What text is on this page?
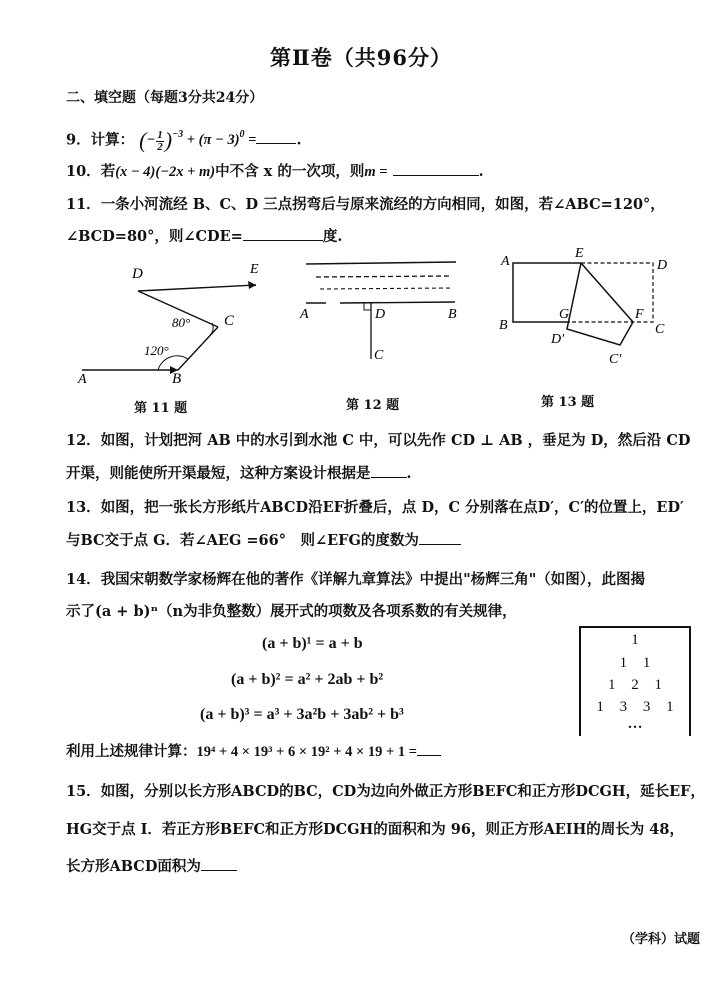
第Ⅱ卷（共96分）
二、填空题（每题3分共24分）
9．计算： (− $\frac{1}{2} )^{-3} + (\pi - 3)^0$ =	.
10．若(x − 4)(−2x + m)中不含 x 的一次项，则m =	.
11．一条小河流经 B、C、D 三点拐弯后与原来流经的方向相同，如图，若∠ABC=120°，
∠BCD=80°，则∠CDE=	度.
D	E
C
B
A
80°
120°
第 11 题
A	D	B
C
第 12 题
A
E
D
B
G	F
C
D′
C′
第 13 题
12．如图，计划把河 AB 中的水引到水池 C 中，可以先作 CD ⊥ AB ，垂足为 D，然后沿 CD
开渠，则能使所开渠最短，这种方案设计根据是 .
13．如图，把一张长方形纸片ABCD沿EF折叠后，点 D，C 分别落在点D′，C′的位置上，ED′
与BC交于点 G．若∠AEG =66°　则∠EFG的度数为
14．我国宋朝数学家杨辉在他的著作《详解九章算法》中提出"杨辉三角"（如图），此图揭
示了(a + b)ⁿ（n为非负整数）展开式的项数及各项系数的有关规律，
(a + b)¹ = a + b
(a + b)² = a² + 2ab + b²
(a + b)³ = a³ + 3a²b + 3ab² + b³
1
1 1
1 2 1
1 3 3 1
…
利用上述规律计算：19⁴ + 4 × 19³ + 6 × 19² + 4 × 19 + 1 =
15．如图，分别以长方形ABCD的BC，CD为边向外做正方形BEFC和正方形DCGH，延长EF，
HG交于点 I．若正方形BEFC和正方形DCGH的面积和为 96，则正方形AEIH的周长为 48，
长方形ABCD面积为
（学科）试题
